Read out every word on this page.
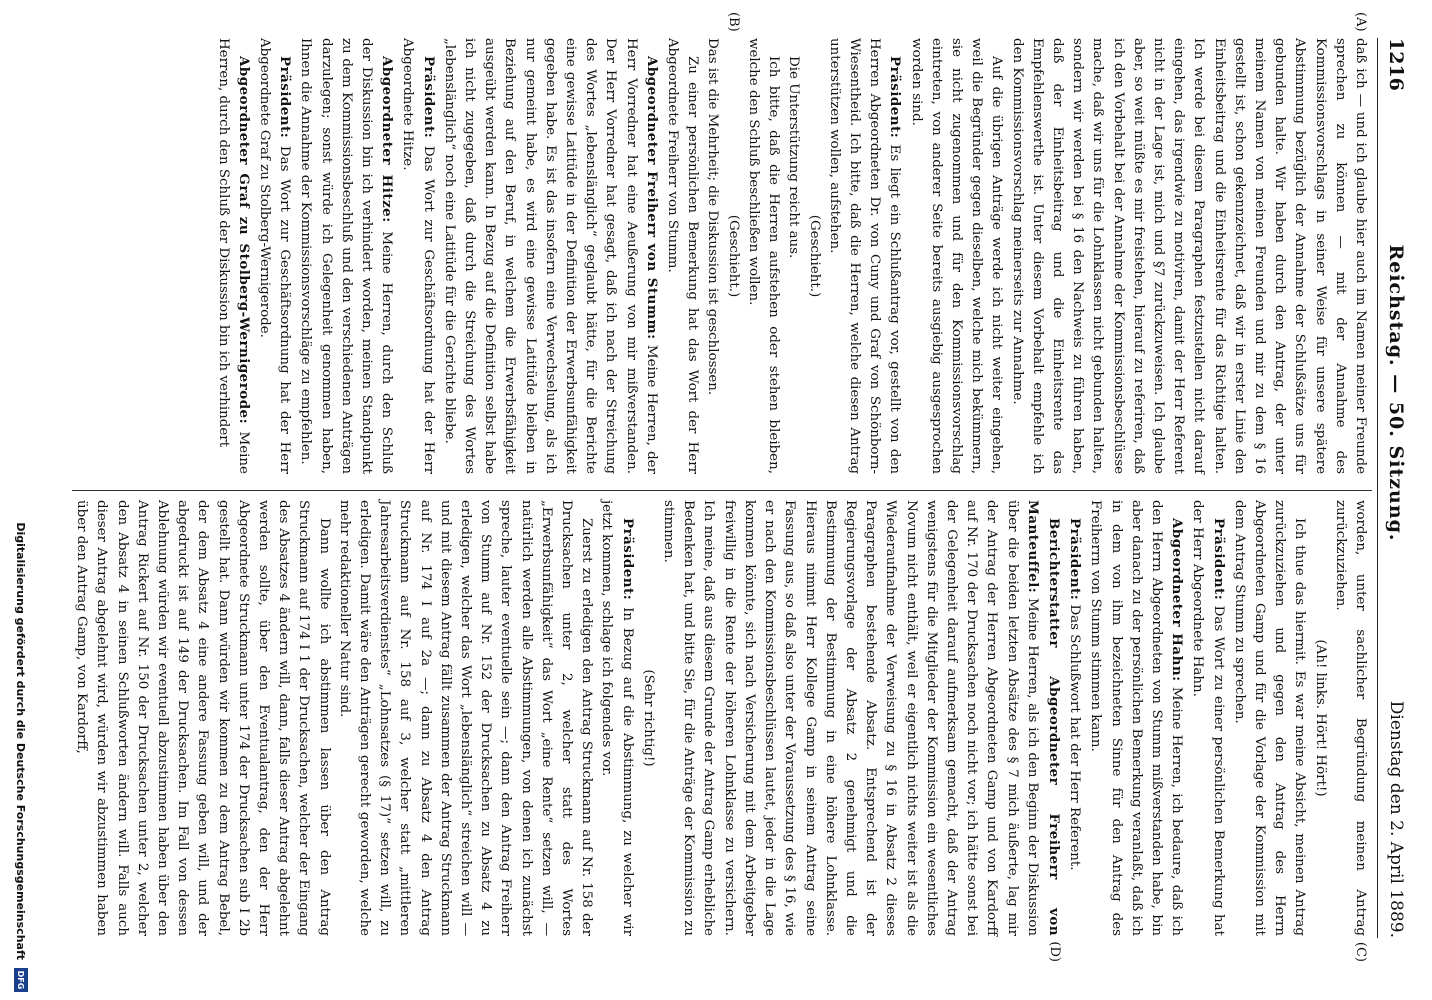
1216
Reichstag. — 50. Sitzung.
Dienstag den 2. April 1889.

(A)
daß ich — und ich glaube hier auch im Namen meiner Freunde sprechen zu können — mit der Annahme des Kommissionsvorschlags in seiner Weise für unsere spätere Abstimmung bezüglich der Annahme der Schlußsätze uns für gebunden halte. Wir haben durch den Antrag, der unter meinem Namen von meinen Freunden und mir zu dem § 16 gestellt ist, schon gekennzeichnet, daß wir in erster Linie den Einheitsbeitrag und die Einheitsrente für das Richtige halten. Ich werde bei diesem Paragraphen festzustellen nicht darauf eingehen, das irgendwie zu motiviren, damit der Herr Referent nicht in der Lage ist, mich und §7 zurückzuweisen. Ich glaube aber, so weit müßte es mir freistehen, hierauf zu referiren, daß ich den Vorbehalt bei der Annahme der Kommissionsbeschlüsse mache, daß wir uns für die Lohnklassen nicht gebunden halten, sondern wir werden bei § 16 den Nachweis zu führen haben, daß der Einheitsbeitrag und die Einheitsrente das Empfehlenswerthe ist. Unter diesem Vorbehalt empfehle ich den Kommissionsvorschlag meinerseits zur Annahme.

Auf die übrigen Anträge werde ich nicht weiter eingehen, weil die Begründer gegen dieselben, welche mich bekümmern, sie nicht zugenommen und für den Kommissionsvorschlag eintreten, von anderer Seite bereits ausgiebig ausgesprochen worden sind.

Präsident: Es liegt ein Schlußantrag vor, gestellt von den Herren Abgeordneten Dr. von Cuny und Graf von Schönborn-Wiesentheid. Ich bitte, daß die Herren, welche diesen Antrag unterstützen wollen, aufstehen.

(Geschieht.)

Die Unterstützung reicht aus.

Ich bitte, daß die Herren aufstehen oder stehen bleiben, welche den Schluß beschließen wollen.

(B)
(Geschieht.)

Das ist die Mehrheit; die Diskussion ist geschlossen.

Zu einer persönlichen Bemerkung hat das Wort der Herr Abgeordnete Freiherr von Stumm.

Abgeordneter Freiherr von Stumm: Meine Herren, der Herr Vorredner hat eine Aeußerung von mir mißverstanden. Der Herr Vorredner hat gesagt, daß ich nach der Streichung des Wortes „lebenslänglich“ geglaubt hätte, für die Berichte eine gewisse Latitüde in der Definition der Erwerbsunfähigkeit gegeben habe. Es ist das insofern eine Verwechselung, als ich nur gemeint habe, es wird eine gewisse Latitüde bleiben in Beziehung auf den Beruf, in welchem die Erwerbsfähigkeit ausgeübt werden kann. In Bezug auf die Definition selbst habe ich nicht zugegeben, daß durch die Streichung des Wortes „lebenslänglich“ noch eine Latitüde für die Gerichte bliebe.

Präsident: Das Wort zur Geschäftsordnung hat der Herr Abgeordnete Hitze.

Abgeordneter Hitze: Meine Herren, durch den Schluß der Diskussion bin ich verhindert worden, meinen Standpunkt zu dem Kommissionsbeschluß und den verschiedenen Anträgen darzulegen; sonst würde ich Gelegenheit genommen haben, Ihnen die Annahme der Kommissionsvorschläge zu empfehlen.

Präsident: Das Wort zur Geschäftsordnung hat der Herr Abgeordnete Graf zu Stolberg-Wernigerode.

Abgeordneter Graf zu Stolberg-Wernigerode: Meine Herren, durch den Schluß der Diskussion bin ich verhindert

(C)
worden, unter sachlicher Begründung meinen Antrag zurückzuziehen.

(Ah! links. Hört! Hört!)

Ich thue das hiermit. Es war meine Absicht, meinen Antrag zurückzuziehen und gegen den Antrag des Herrn Abgeordneten Gamp und für die Vorlage der Kommission mit dem Antrag Stumm zu sprechen.

Präsident: Das Wort zu einer persönlichen Bemerkung hat der Herr Abgeordnete Hahn.

Abgeordneter Hahn: Meine Herren, ich bedaure, daß ich den Herrn Abgeordneten von Stumm mißverstanden habe, bin aber danach zu der persönlichen Bemerkung veranlaßt, daß ich in dem von ihm bezeichneten Sinne für den Antrag des Freiherrn von Stumm stimmen kann.

Präsident: Das Schlußwort hat der Herr Referent.

(D)
Berichterstatter Abgeordneter Freiherr von Manteuffel: Meine Herren, als ich den Beginn der Diskussion über die beiden letzten Absätze des § 7 mich äußerte, lag mir der Antrag der Herren Abgeordneten Gamp und von Kardorff auf Nr. 170 der Drucksachen noch nicht vor; ich hätte sonst bei der Gelegenheit darauf aufmerksam gemacht, daß der Antrag wenigstens für die Mitglieder der Kommission ein wesentliches Novum nicht enthält, weil er eigentlich nichts weiter ist als die Wiederaufnahme der Verweisung zu § 16 in Absatz 2 dieses Paragraphen bestehende Absatz. Entsprechend ist der Regierungsvorlage der Absatz 2 genehmigt und die Bestimmung der Bestimmung in eine höhere Lohnklasse. Hieraus nimmt Herr Kollege Gamp in seinem Antrag seine Fassung aus, so daß also unter der Voraussetzung des § 16, wie er nach den Kommissionsbeschlüssen lautet, jeder in die Lage kommen könnte, sich nach Versicherung mit dem Arbeitgeber freiwillig in die Rente der höheren Lohnklasse zu versichern. Ich meine, daß aus diesem Grunde der Antrag Gamp erhebliche Bedenken hat, und bitte Sie, für die Anträge der Kommission zu stimmen.

(Sehr richtig!)

Präsident: In Bezug auf die Abstimmung, zu welcher wir jetzt kommen, schlage ich folgendes vor.

Zuerst zu erledigen den Antrag Struckmann auf Nr. 158 der Drucksachen unter 2, welcher statt des Wortes „Erwerbsunfähigkeit“ das Wort „eine Rente“ setzen will, — natürlich werden alle Abstimmungen, von denen ich zunächst spreche, lauter eventuelle sein —; dann den Antrag Freiherr von Stumm auf Nr. 152 der Drucksachen zu Absatz 4 zu erledigen, welcher das Wort „lebenslänglich“ streichen will — und mit diesem Antrag fällt zusammen der Antrag Struckmann auf Nr. 174 I auf 2a —; dann zu Absatz 4 den Antrag Struckmann auf Nr. 158 auf 3, welcher statt „mittleren Jahresarbeitsverdienstes“ „Lohnsatzes (§ 17)“ setzen will, zu erledigen. Damit wäre den Anträgen gerecht geworden, welche mehr redaktioneller Natur sind.

Dann wollte ich abstimmen lassen über den Antrag Struckmann auf 174 I 1 der Drucksachen, welcher der Eingang des Absatzes 4 ändern will, dann, falls dieser Antrag abgelehnt werden sollte, über den Eventualantrag, den der Herr Abgeordnete Struckmann unter 174 der Drucksachen sub I 2b gestellt hat. Dann würden wir kommen zu dem Antrag Bebel, der dem Absatz 4 eine andere Fassung geben will, und der abgedruckt ist auf 149 der Drucksachen. Im Fall von dessen Ablehnung würden wir eventuell abzustimmen haben über den Antrag Rickert auf Nr. 150 der Drucksachen unter 2, welcher den Absatz 4 in seinen Schlußworten ändern will. Falls auch dieser Antrag abgelehnt wird, würden wir abzustimmen haben über den Antrag Gamp, von Kardorff,

Digitalisierung gefördert durch die Deutsche Forschungsgemeinschaft
DFG
